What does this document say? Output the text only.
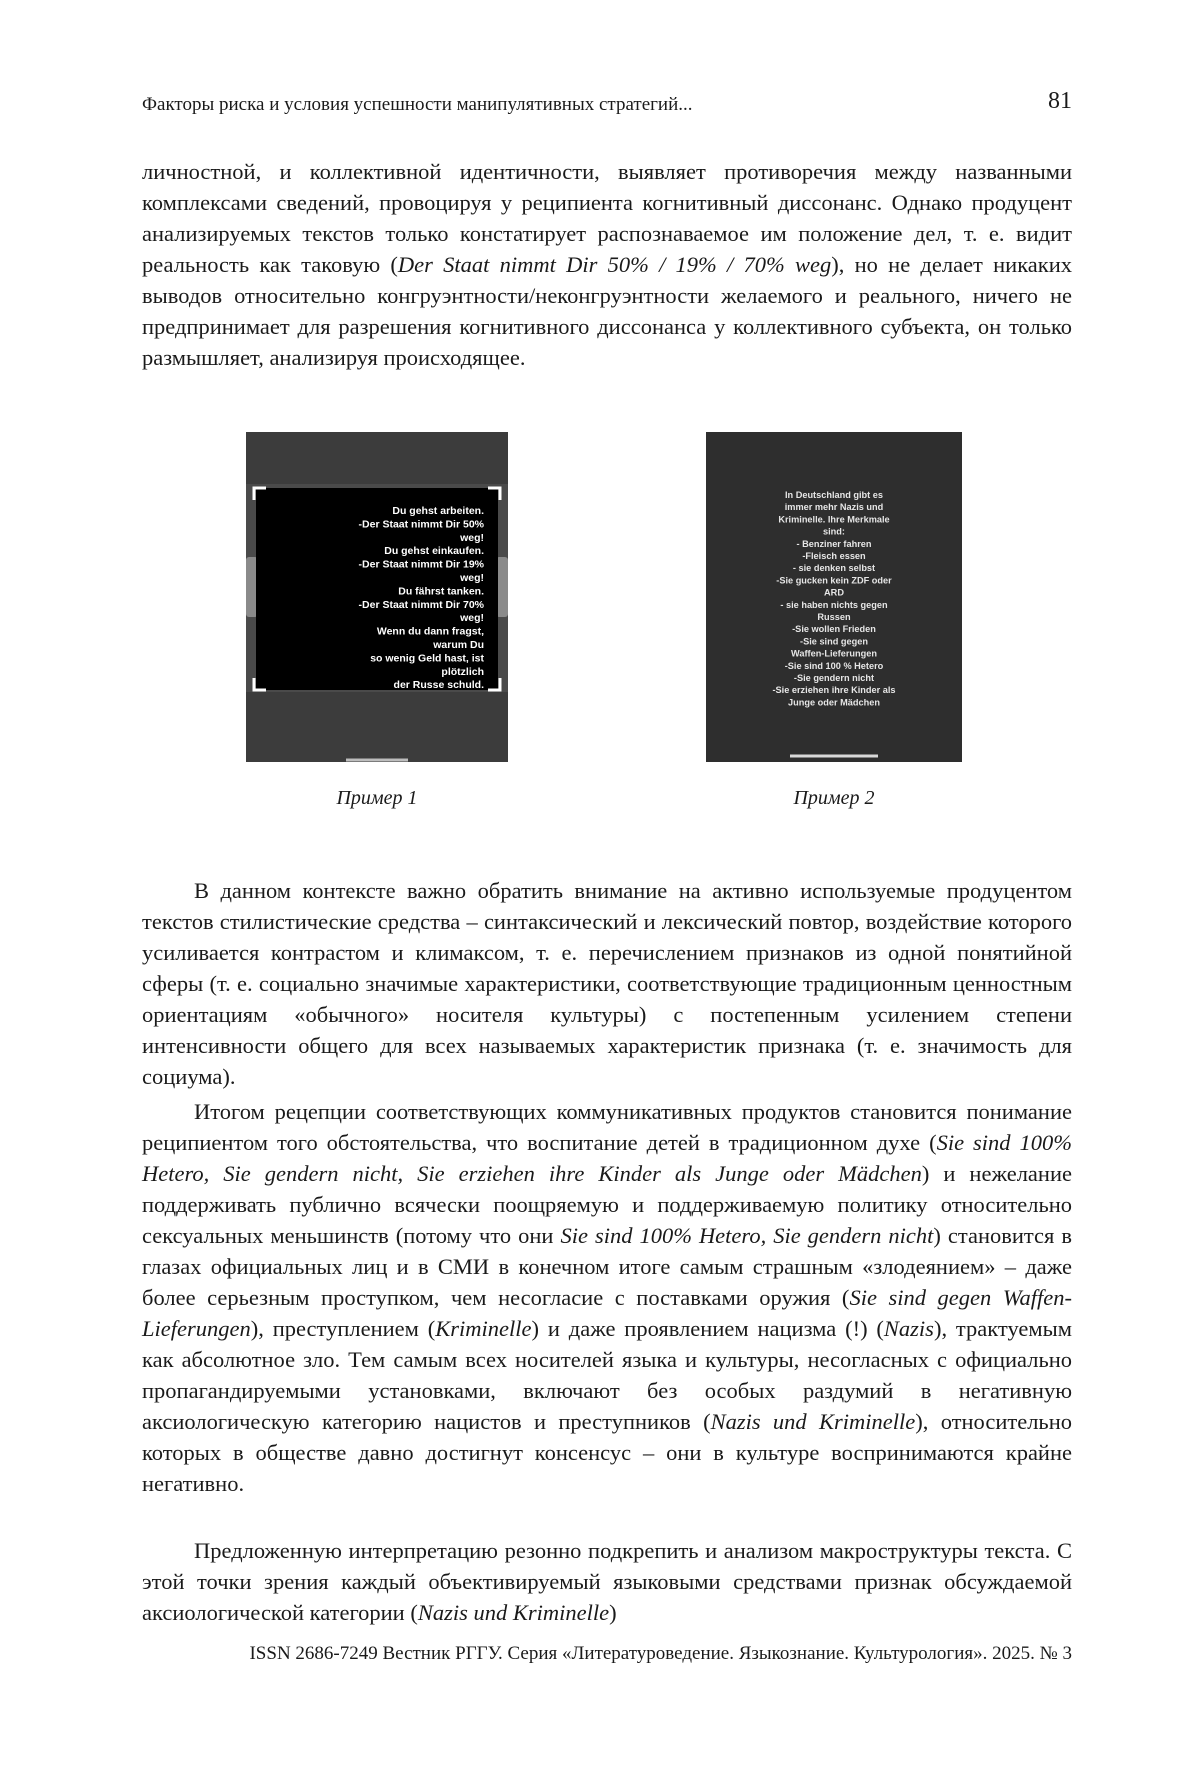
Факторы риска и условия успешности манипулятивных стратегий...	81

личностной, и коллективной идентичности, выявляет противоречия между названными комплексами сведений, провоцируя у реципиента когнитивный диссонанс. Однако продуцент анализируемых текстов только констатирует распознаваемое им положение дел, т. е. видит реальность как таковую (Der Staat nimmt Dir 50% / 19% / 70% weg), но не делает никаких выводов относительно конгруэнтности/неконгруэнтности желаемого и реального, ничего не предпринимает для разрешения когнитивного диссонанса у коллективного субъекта, он только размышляет, анализируя происходящее.

Du gehst arbeiten.
-Der Staat nimmt Dir 50%
weg!
Du gehst einkaufen.
-Der Staat nimmt Dir 19%
weg!
Du fährst tanken.
-Der Staat nimmt Dir 70%
weg!
Wenn du dann fragst,
warum Du
so wenig Geld hast, ist
plötzlich
der Russe schuld.
Пример 1
In Deutschland gibt es
immer mehr Nazis und
Kriminelle. Ihre Merkmale
sind:
- Benziner fahren
-Fleisch essen
- sie denken selbst
-Sie gucken kein ZDF oder
ARD
- sie haben nichts gegen
Russen
-Sie wollen Frieden
-Sie sind gegen
Waffen-Lieferungen
-Sie sind 100 % Hetero
-Sie gendern nicht
-Sie erziehen ihre Kinder als
Junge oder Mädchen
Пример 2

В данном контексте важно обратить внимание на активно используемые продуцентом текстов стилистические средства – синтаксический и лексический повтор, воздействие которого усиливается контрастом и климаксом, т. е. перечислением признаков из одной понятийной сферы (т. е. социально значимые характеристики, соответствующие традиционным ценностным ориентациям «обычного» носителя культуры) с постепенным усилением степени интенсивности общего для всех называемых характеристик признака (т. е. значимость для социума).

Итогом рецепции соответствующих коммуникативных продуктов становится понимание реципиентом того обстоятельства, что воспитание детей в традиционном духе (Sie sind 100% Hetero, Sie gendern nicht, Sie erziehen ihre Kinder als Junge oder Mädchen) и нежелание поддерживать публично всячески поощряемую и поддерживаемую политику относительно сексуальных меньшинств (потому что они Sie sind 100% Hetero, Sie gendern nicht) становится в глазах официальных лиц и в СМИ в конечном итоге самым страшным «злодеянием» – даже более серьезным проступком, чем несогласие с поставками оружия (Sie sind gegen Waffen-Lieferungen), преступлением (Kriminelle) и даже проявлением нацизма (!) (Nazis), трактуемым как абсолютное зло. Тем самым всех носителей языка и культуры, несогласных с официально пропагандируемыми установками, включают без особых раздумий в негативную аксиологическую категорию нацистов и преступников (Nazis und Kriminelle), относительно которых в обществе давно достигнут консенсус – они в культуре воспринимаются крайне негативно.

Предложенную интерпретацию резонно подкрепить и анализом макроструктуры текста. С этой точки зрения каждый объективируемый языковыми средствами признак обсуждаемой аксиологической категории (Nazis und Kriminelle)

ISSN 2686-7249 Вестник РГГУ. Серия «Литературоведение. Языкознание. Культурология». 2025. № 3
